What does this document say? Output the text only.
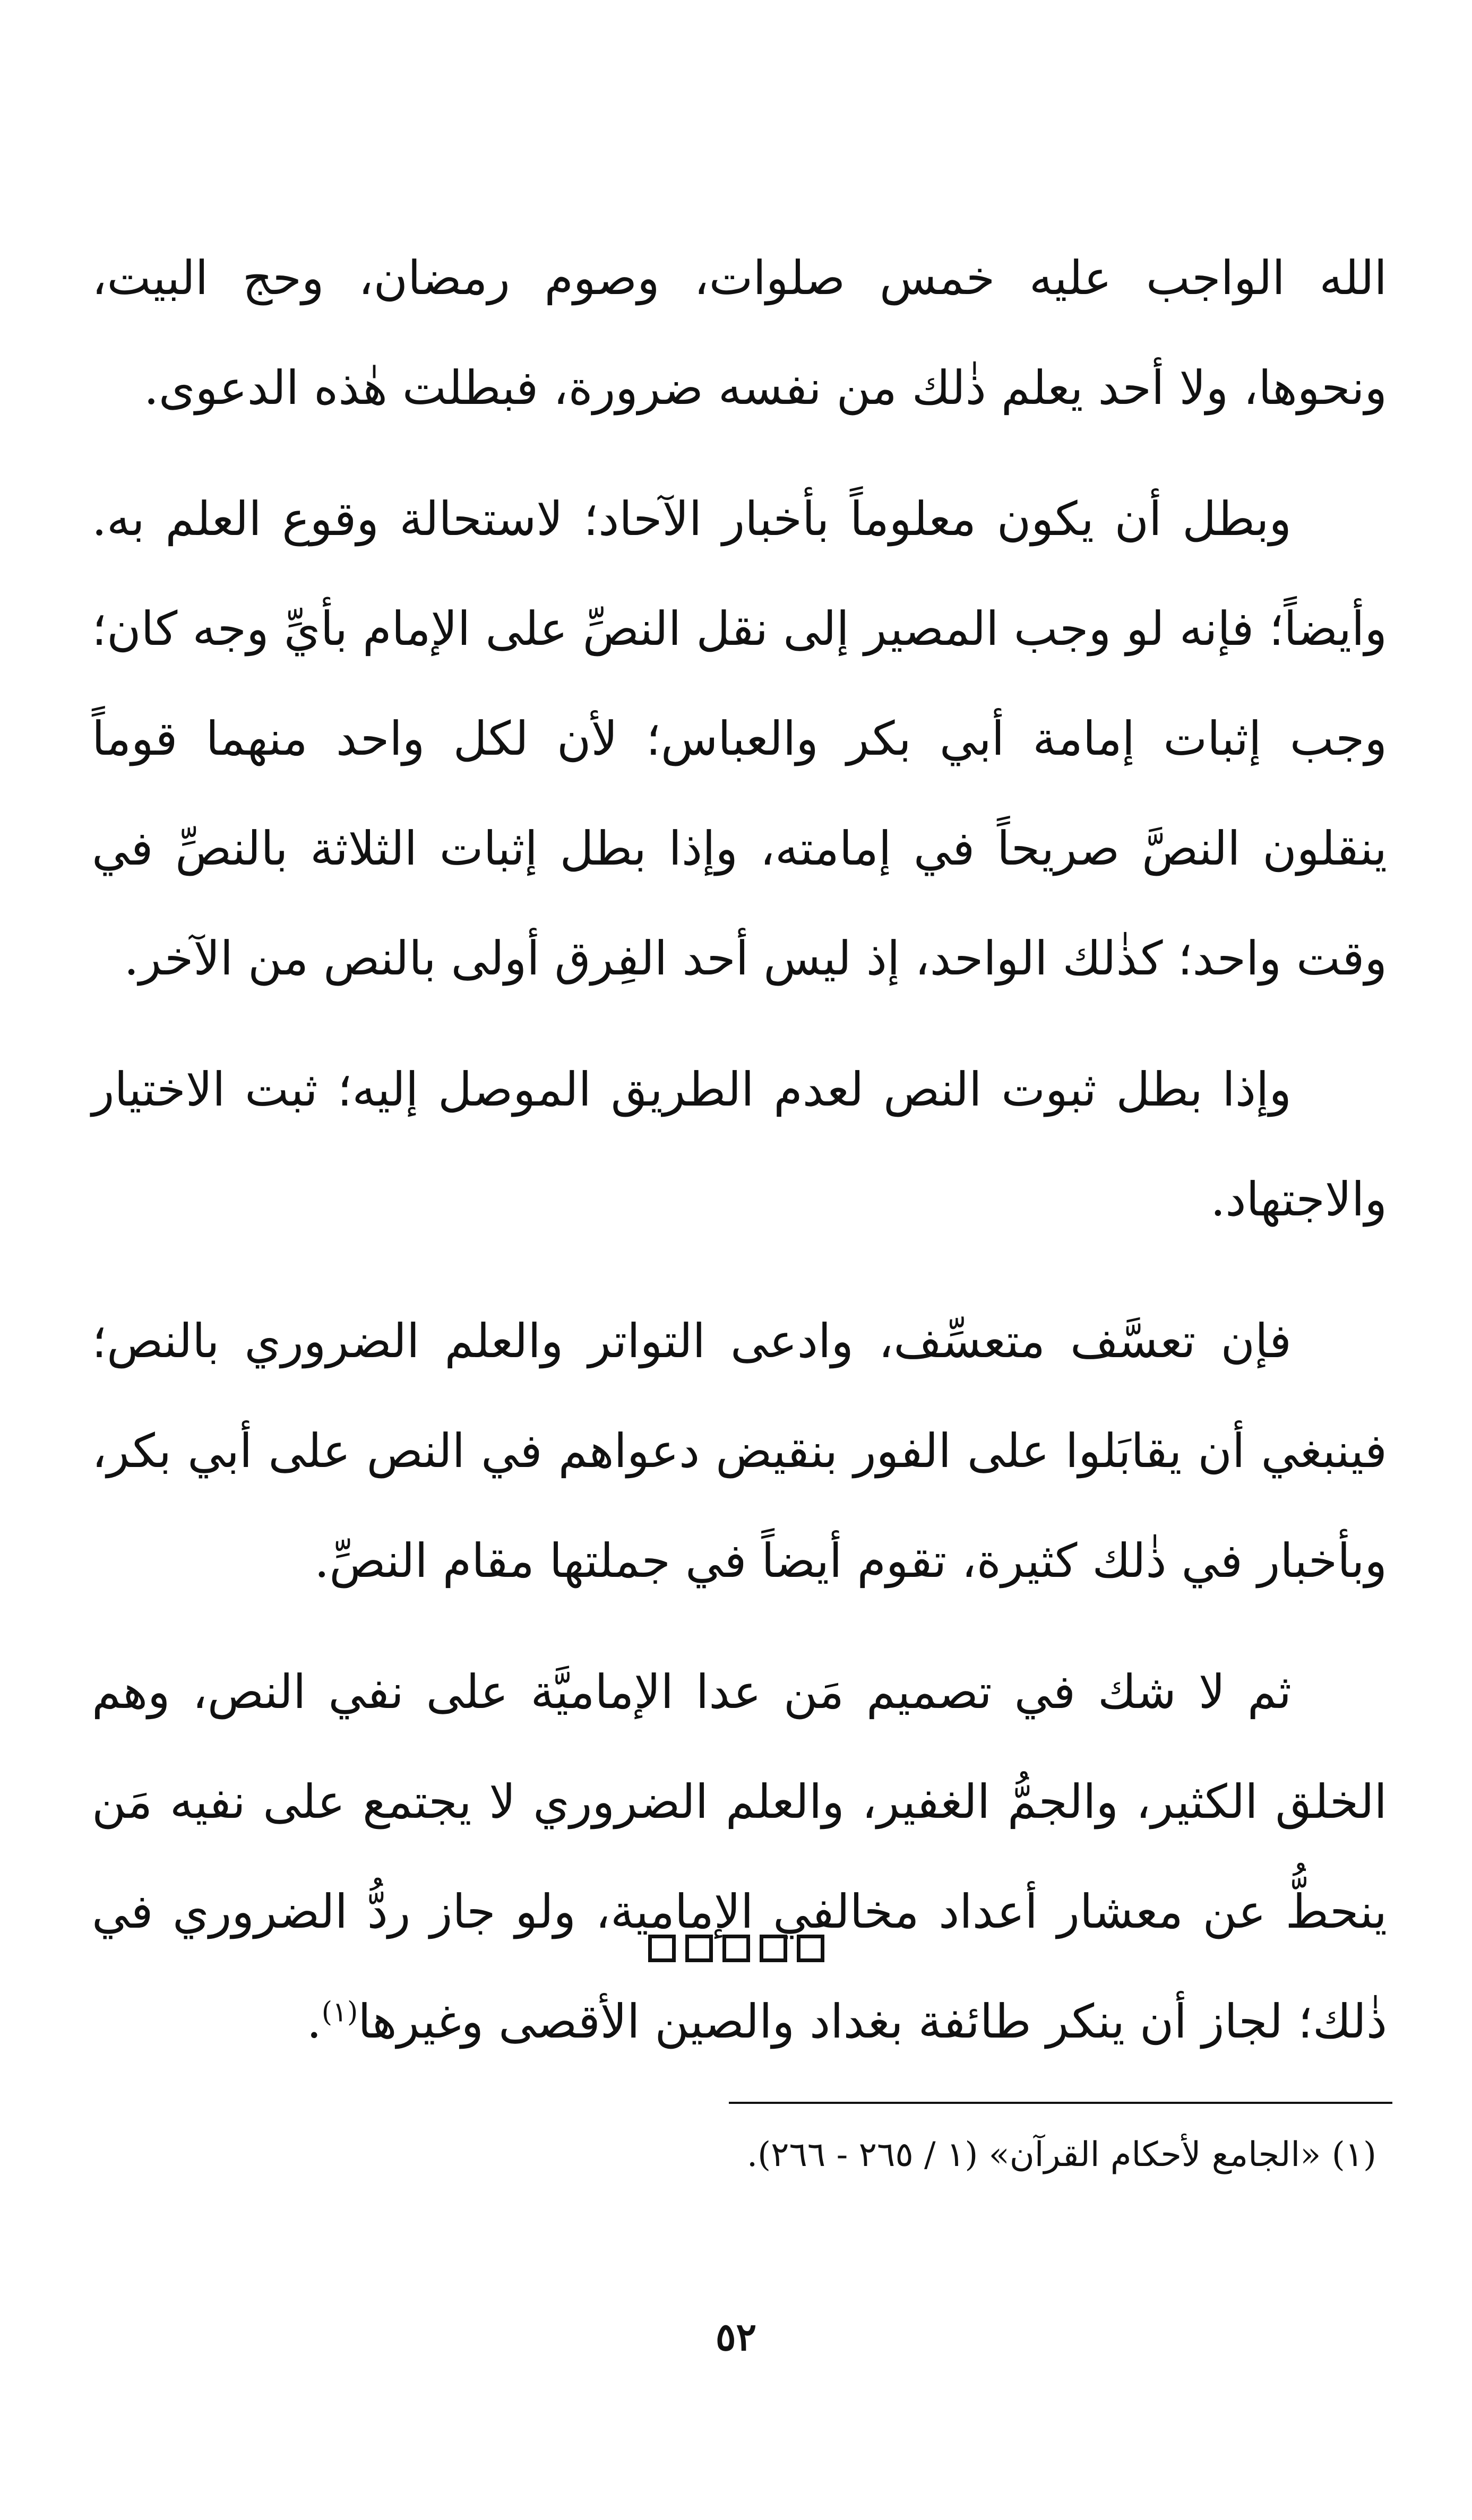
الله الواجب عليه خمس صلوات، وصوم رمضان، وحج البيت، ونحوها، ولا أحد يعلم ذٰلك من نفسه ضرورة، فبطلت هٰذه الدعوى.

وبطل أن يكون معلوماً بأخبار الآحاد؛ لاستحالة وقوع العلم به. وأيضاً؛ فإنه لو وجب المصير إلى نقل النصِّ على الإمام بأيِّ وجه كان؛ وجب إثبات إمامة أبي بكر والعباس؛ لأن لكل واحد منهما قوماً ينقلون النصَّ صريحاً في إمامته، وإذا بطل إثبات الثلاثة بالنصِّ في وقت واحد؛ كذٰلك الواحد، إذ ليس أحد الفِرق أولى بالنص من الآخر.

وإذا بطل ثبوت النص لعدم الطريق الموصل إليه؛ ثبت الاختيار والاجتهاد.

فإن تعسَّف متعسِّف، وادعى التواتر والعلم الضروري بالنص؛ فينبغي أن يقابَلوا على الفور بنقيض دعواهم في النص على أبي بكر، وبأخبار في ذٰلك كثيرة، تقوم أيضاً في جملتها مقام النصِّ.

ثم لا شك في تصميم مَن عدا الإماميَّة على نفي النص، وهم الخلق الكثير، والجمُّ الغفير، والعلم الضروري لا يجتمع على نفيه مَن ينحطُّ عن معشار أعداد مخالفي الإمامية، ولو جاز ردُّ الضروري في ذٰلك؛ لجاز أن ينكر طائفة بغداد والصين الأقصى وغيرها$^{(١)}$.

(١) «الجامع لأحكام القرآن» (١ / ٢٦٥ - ٢٦٦).
٥٢
